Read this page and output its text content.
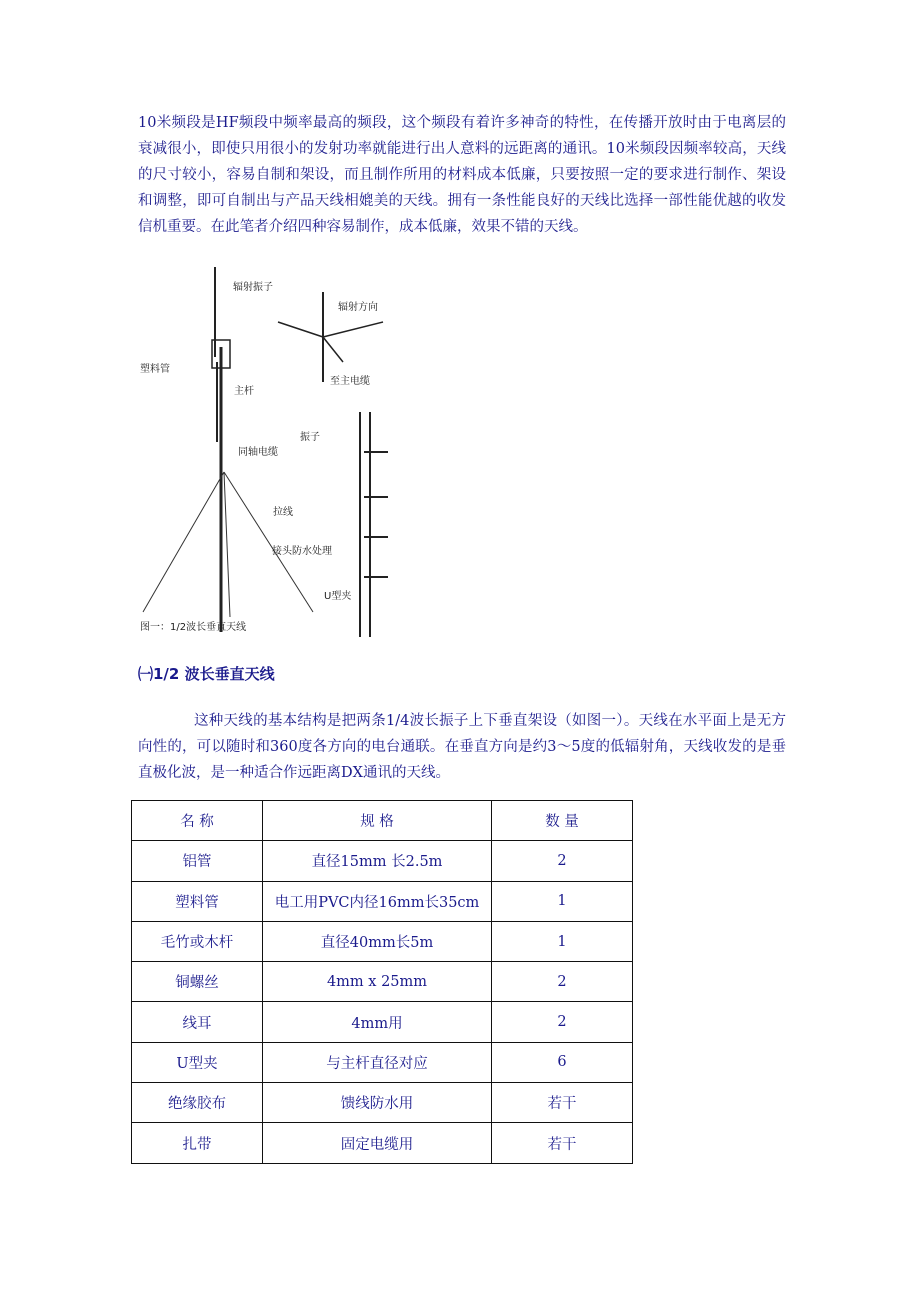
10米频段是HF频段中频率最高的频段，这个频段有着许多神奇的特性，在传播开放时由于电离层的衰减很小，即使只用很小的发射功率就能进行出人意料的远距离的通讯。10米频段因频率较高，天线的尺寸较小，容易自制和架设，而且制作所用的材料成本低廉，只要按照一定的要求进行制作、架设和调整，即可自制出与产品天线相媲美的天线。拥有一条性能良好的天线比选择一部性能优越的收发信机重要。在此笔者介绍四种容易制作，成本低廉，效果不错的天线。

辐射振子
塑料管
主杆
同轴电缆
拉线
辐射方向
至主电缆
振子
接头防水处理
U型夹
图一：1/2波长垂直天线
㈠1/2 波长垂直天线

这种天线的基本结构是把两条1/4波长振子上下垂直架设（如图一）。天线在水平面上是无方向性的，可以随时和360度各方向的电台通联。在垂直方向是约3～5度的低辐射角，天线收发的是垂直极化波，是一种适合作远距离DX通讯的天线。

名 称	规 格	数 量
铝管	直径15mm 长2.5m	2
塑料管	电工用PVC内径16mm长35cm	1
毛竹或木杆	直径40mm长5m	1
铜螺丝	4mm x 25mm	2
线耳	4mm用	2
U型夹	与主杆直径对应	6
绝缘胶布	馈线防水用	若干
扎带	固定电缆用	若干
